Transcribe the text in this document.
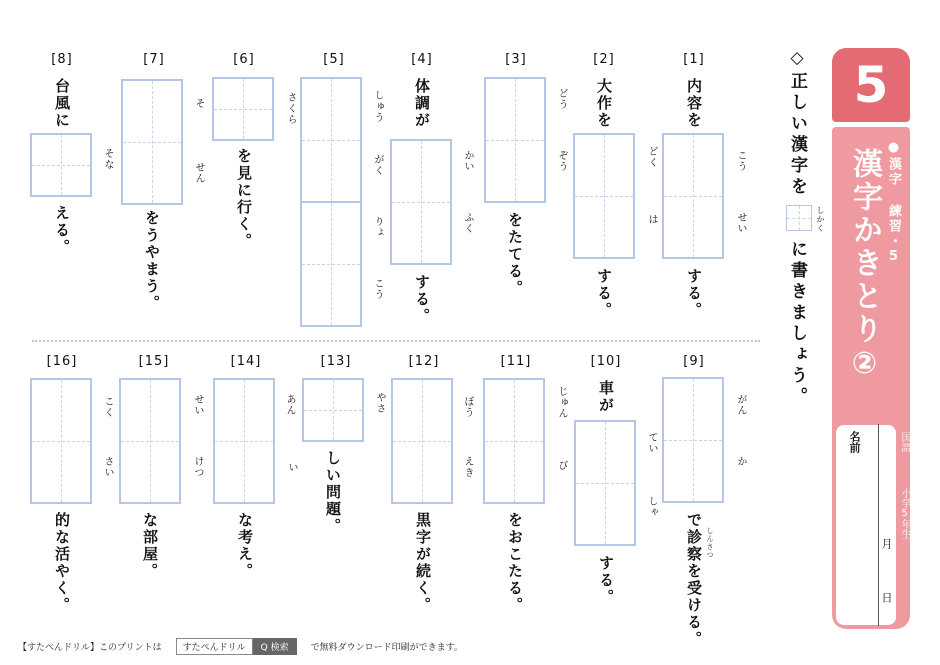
[1]
内容を
こう
せい
する。
[2]
大作を
どく
は
する。
[3]
どう
ぞう
をたてる。
[4]
体調が
かい
ふく
する。
[5]
しゅう
がく
りょ
こう
[6]
さくら
を見に行く。
[7]
そ
せん
をうやまう。
[8]
台風に
そな
える。
[9]
がん
か
で診察を受ける。 しんさつ
[10]
車が
てい
しゃ
する。
[11]
じゅん
び
をおこたる。
[12]
ぼう
えき
黒字が続く。
[13]
やさ
しい問題。
[14]
あん
い
な考え。
[15]
せい
けつ
な部屋。
[16]
こく
さい
的な活やく。
◇正しい漢字を
しかく
に書きましょう。
5
●漢字 練習・5
漢字かきとり②
名前
月
日
国語
小学5年生
【すたぺんドリル】このプリントは すたぺんドリル Q 検索 で無料ダウンロード印刷ができます。
